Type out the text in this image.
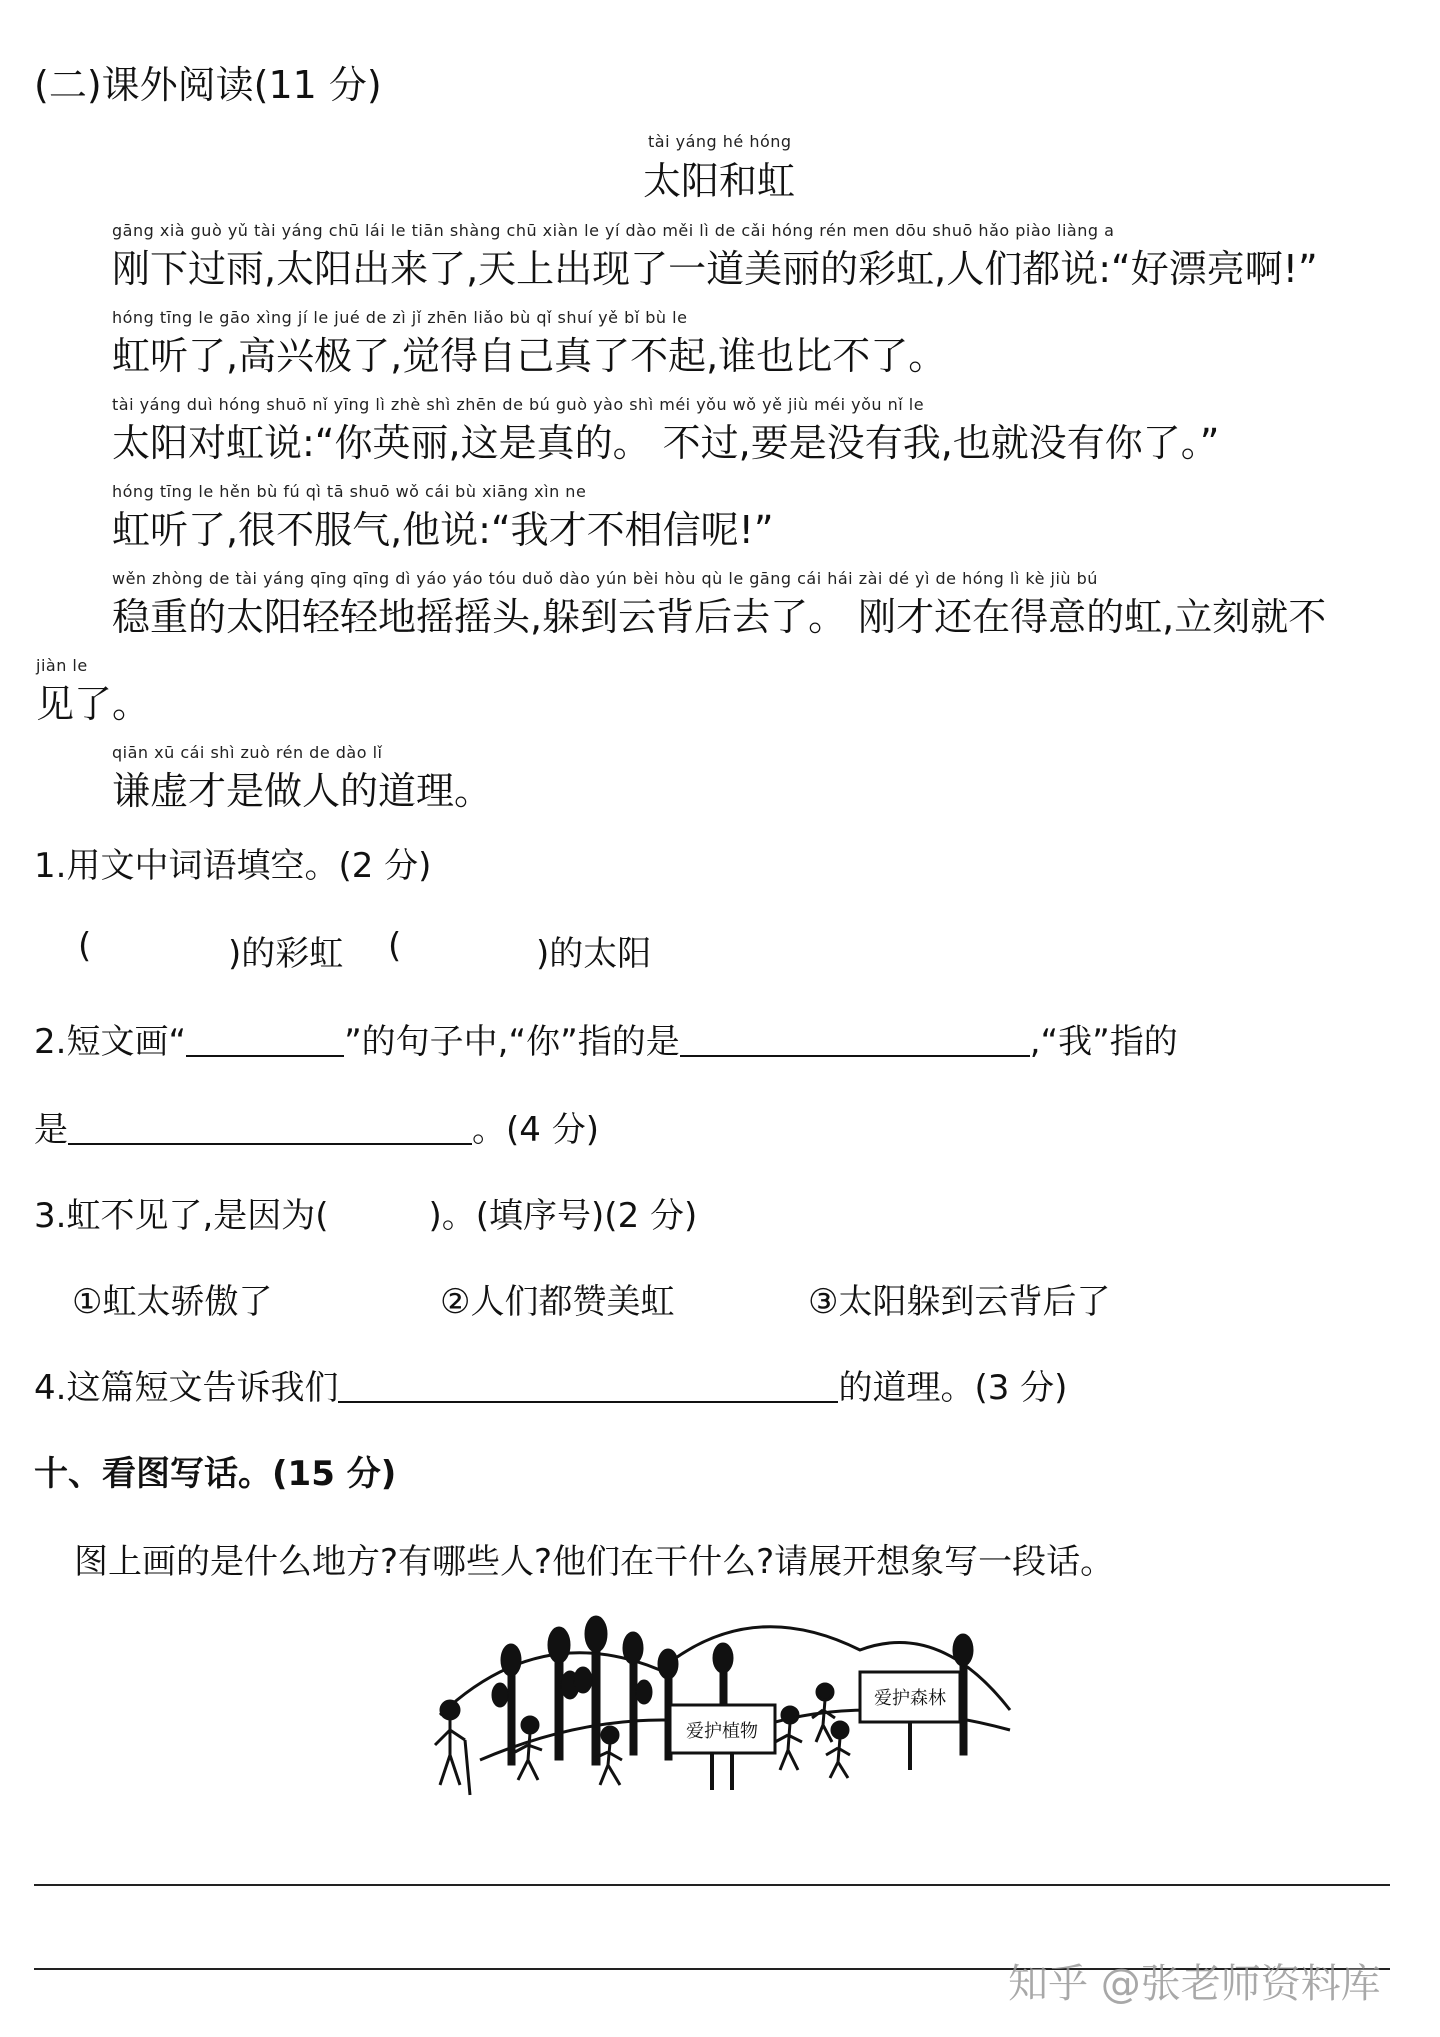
(二)课外阅读(11 分)
tài yáng hé hóng
太阳和虹
gāng xià guò yǔ tài yáng chū lái le tiān shàng chū xiàn le yí dào měi lì de cǎi hóng rén men dōu shuō hǎo piào liàng a
刚下过雨,太阳出来了,天上出现了一道美丽的彩虹,人们都说:“好漂亮啊!”
hóng tīng le gāo xìng jí le jué de zì jǐ zhēn liǎo bù qǐ shuí yě bǐ bù le
虹听了,高兴极了,觉得自己真了不起,谁也比不了。
tài yáng duì hóng shuō nǐ yīng lì zhè shì zhēn de bú guò yào shì méi yǒu wǒ yě jiù méi yǒu nǐ le
太阳对虹说:“你英丽,这是真的。 不过,要是没有我,也就没有你了。”
hóng tīng le hěn bù fú qì tā shuō wǒ cái bù xiāng xìn ne
虹听了,很不服气,他说:“我才不相信呢!”
wěn zhòng de tài yáng qīng qīng dì yáo yáo tóu duǒ dào yún bèi hòu qù le gāng cái hái zài dé yì de hóng lì kè jiù bú
稳重的太阳轻轻地摇摇头,躲到云背后去了。 刚才还在得意的虹,立刻就不
jiàn le
见了。
qiān xū cái shì zuò rén de dào lǐ
谦虚才是做人的道理。
1.用文中词语填空。(2 分)
(	)的彩虹 (	)的太阳
2.短文画“	”的句子中,“你”指的是	,“我”指的
是	。(4 分)
3.虹不见了,是因为(	)。(填序号)(2 分)
①虹太骄傲了	②人们都赞美虹	③太阳躲到云背后了
4.这篇短文告诉我们	的道理。(3 分)
十、看图写话。(15 分)
图上画的是什么地方?有哪些人?他们在干什么?请展开想象写一段话。
爱护植物
爱护森林
知乎 @张老师资料库
